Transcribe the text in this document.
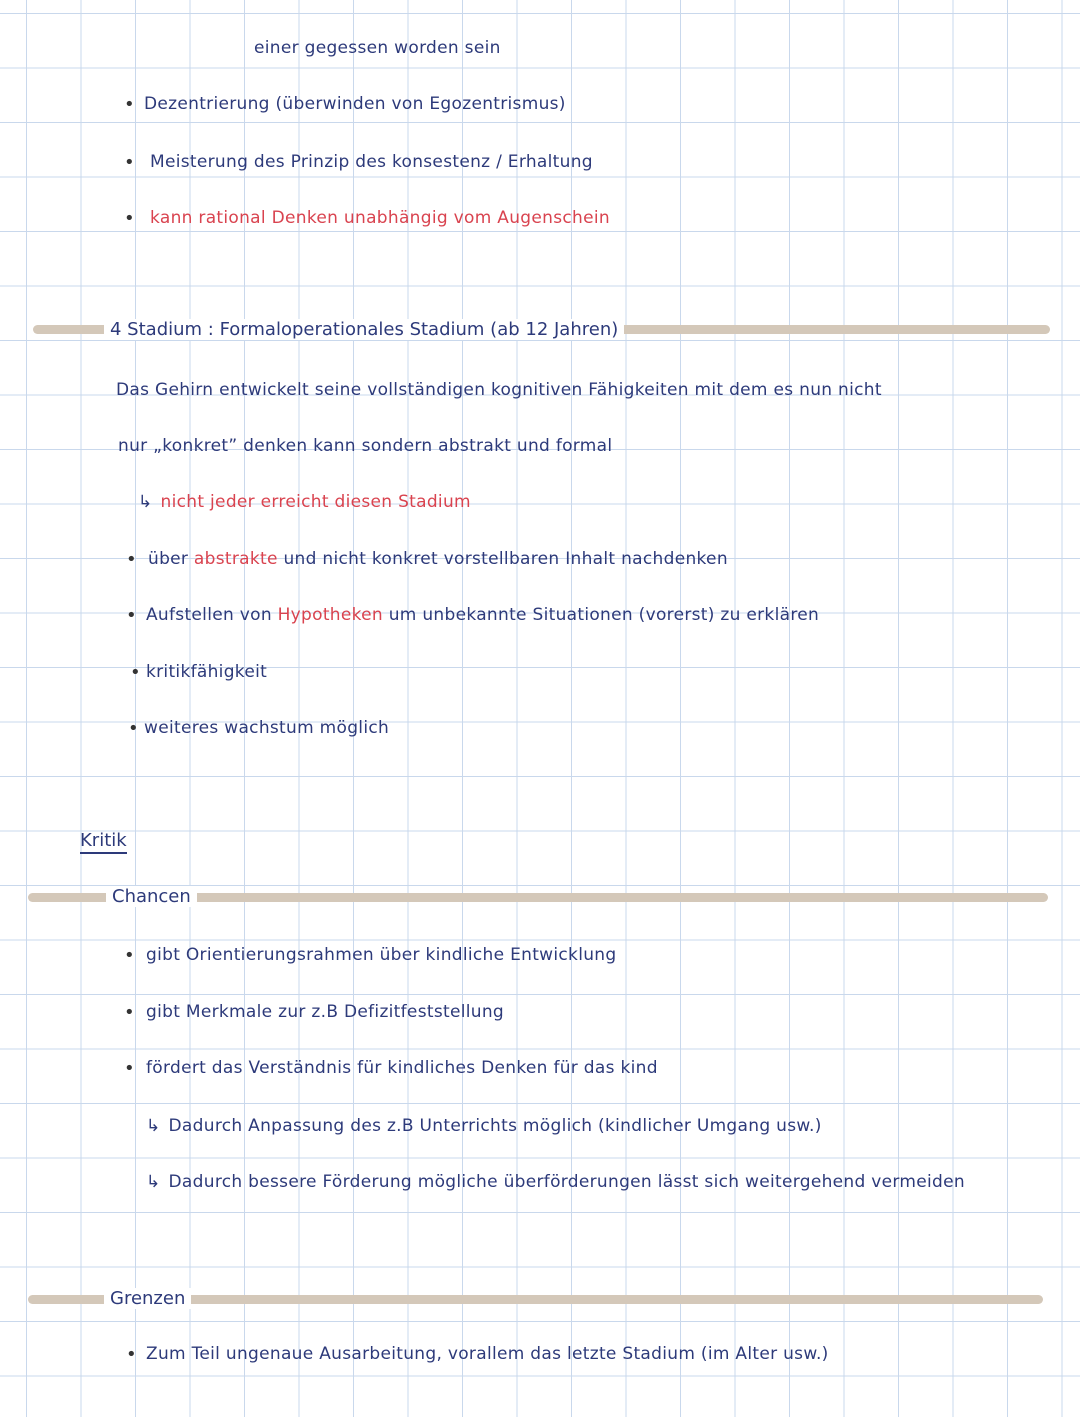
einer gegessen worden sein
• Dezentrierung (überwinden von Egozentrismus)
• Meisterung des Prinzip des konsestenz / Erhaltung
• kann rational Denken unabhängig vom Augenschein
4 Stadium : Formaloperationales Stadium (ab 12 Jahren)
Das Gehirn entwickelt seine vollständigen kognitiven Fähigkeiten mit dem es nun nicht
nur „konkret” denken kann sondern abstrakt und formal
↳ nicht jeder erreicht diesen Stadium
• über abstrakte und nicht konkret vorstellbaren Inhalt nachdenken
• Aufstellen von Hypotheken um unbekannte Situationen (vorerst) zu erklären
• kritikfähigkeit
• weiteres wachstum möglich
Kritik
Chancen
• gibt Orientierungsrahmen über kindliche Entwicklung
• gibt Merkmale zur z.B Defizitfeststellung
• fördert das Verständnis für kindliches Denken für das kind
↳ Dadurch Anpassung des z.B Unterrichts möglich (kindlicher Umgang usw.)
↳ Dadurch bessere Förderung mögliche überförderungen lässt sich weitergehend vermeiden
Grenzen
• Zum Teil ungenaue Ausarbeitung, vorallem das letzte Stadium (im Alter usw.)
